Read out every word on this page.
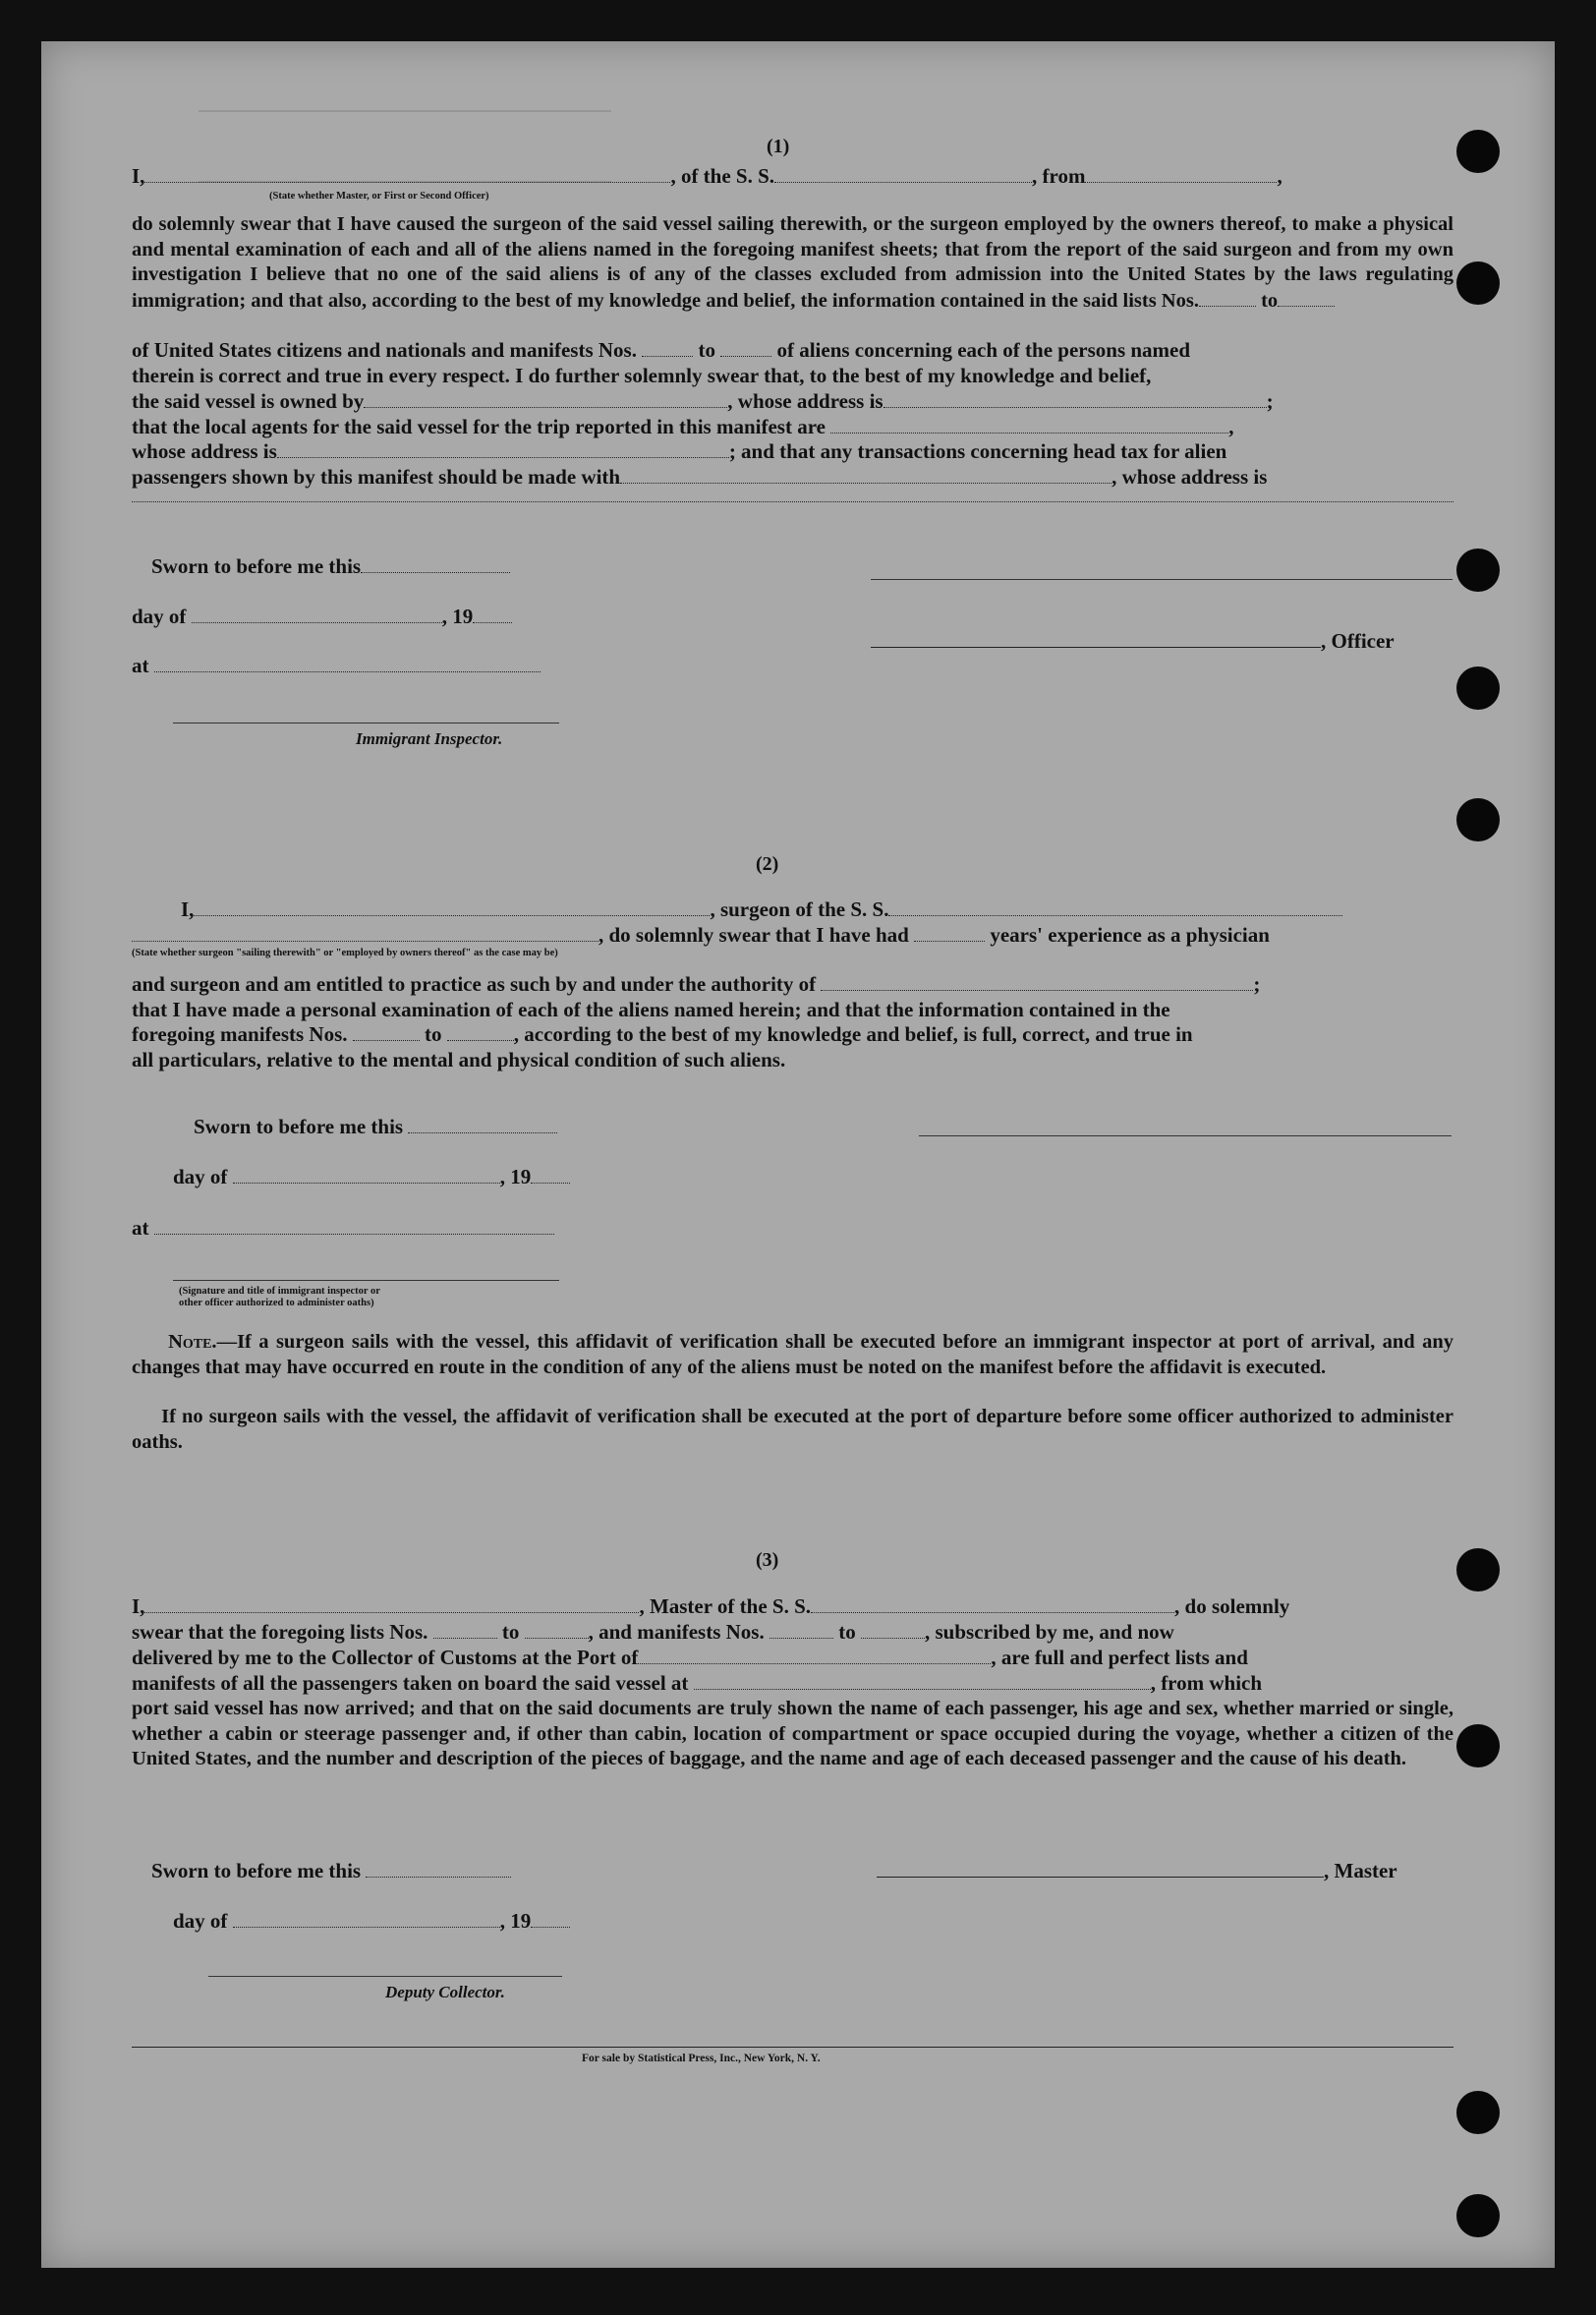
(1)
I,	, of the S. S.	, from	,
(State whether Master, or First or Second Officer)
do solemnly swear that I have caused the surgeon of the said vessel sailing therewith, or the surgeon employed by the owners thereof, to make a physical and mental examination of each and all of the aliens named in the foregoing manifest sheets; that from the report of the said surgeon and from my own investigation I believe that no one of the said aliens is of any of the classes excluded from admission into the United States by the laws regulating immigration; and that also, according to the best of my knowledge and belief, the information contained in the said lists Nos.	to
of United States citizens and nationals and manifests Nos.	to	of aliens concerning each of the persons named
therein is correct and true in every respect. I do further solemnly swear that, to the best of my knowledge and belief,
the said vessel is owned by	, whose address is	;
that the local agents for the said vessel for the trip reported in this manifest are	,
whose address is	; and that any transactions concerning head tax for alien
passengers shown by this manifest should be made with	, whose address is
Sworn to before me this
day of	, 19
, Officer
at
Immigrant Inspector.
(2)
I,	, surgeon of the S. S.
, do solemnly swear that I have had	years' experience as a physician
(State whether surgeon "sailing therewith" or "employed by owners thereof" as the case may be)
and surgeon and am entitled to practice as such by and under the authority of	;
that I have made a personal examination of each of the aliens named herein; and that the information contained in the
foregoing manifests Nos.	to	, according to the best of my knowledge and belief, is full, correct, and true in
all particulars, relative to the mental and physical condition of such aliens.
Sworn to before me this
day of	, 19
at
(Signature and title of immigrant inspector or
other officer authorized to administer oaths)
Note.—If a surgeon sails with the vessel, this affidavit of verification shall be executed before an immigrant inspector at port of arrival, and any changes that may have occurred en route in the condition of any of the aliens must be noted on the manifest before the affidavit is executed.
If no surgeon sails with the vessel, the affidavit of verification shall be executed at the port of departure before some officer authorized to administer oaths.
(3)
I,	, Master of the S. S.	, do solemnly
swear that the foregoing lists Nos.	to	, and manifests Nos.	to	, subscribed by me, and now
delivered by me to the Collector of Customs at the Port of	, are full and perfect lists and
manifests of all the passengers taken on board the said vessel at	, from which
port said vessel has now arrived; and that on the said documents are truly shown the name of each passenger, his age and sex, whether married or single, whether a cabin or steerage passenger and, if other than cabin, location of compartment or space occupied during the voyage, whether a citizen of the United States, and the number and description of the pieces of baggage, and the name and age of each deceased passenger and the cause of his death.
Sworn to before me this	, Master
day of	, 19
Deputy Collector.
For sale by Statistical Press, Inc., New York, N. Y.
